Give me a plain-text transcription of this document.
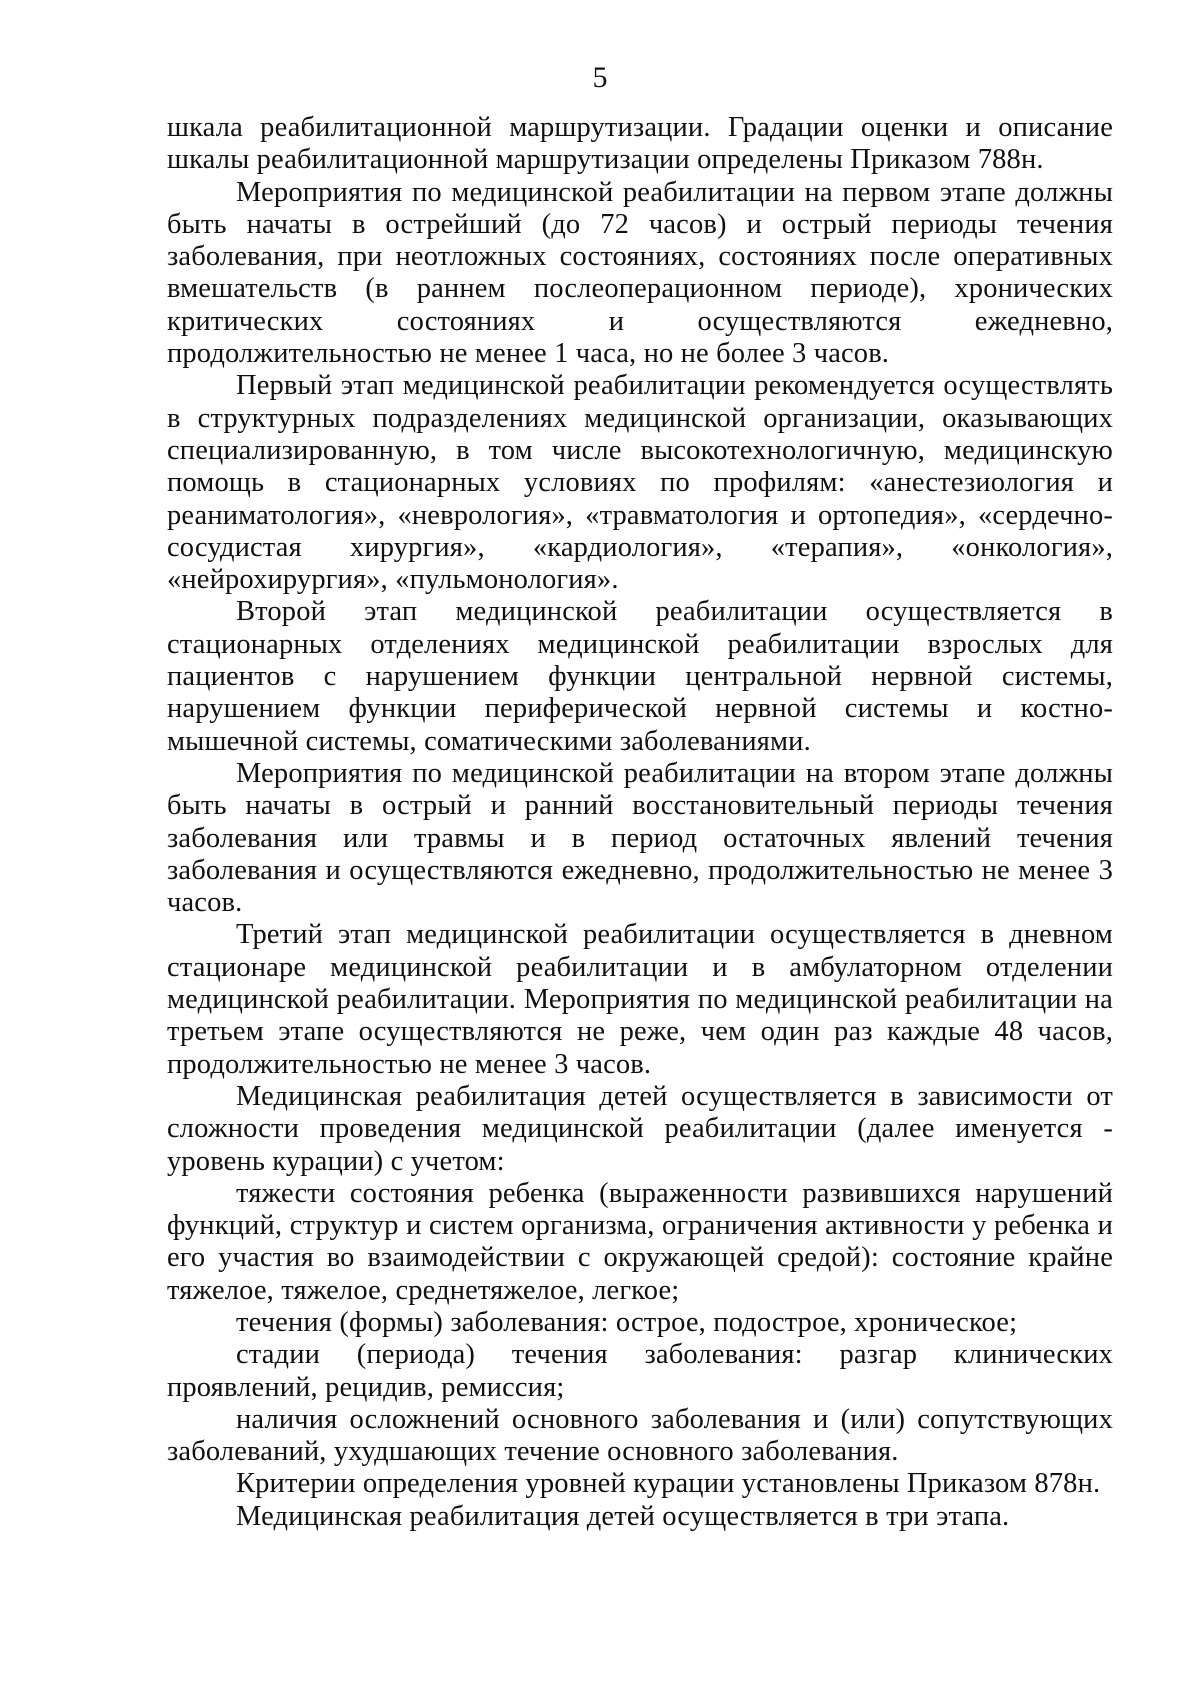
5

шкала реабилитационной маршрутизации. Градации оценки и описание шкалы реабилитационной маршрутизации определены Приказом 788н.

Мероприятия по медицинской реабилитации на первом этапе должны быть начаты в острейший (до 72 часов) и острый периоды течения заболевания, при неотложных состояниях, состояниях после оперативных вмешательств (в раннем послеоперационном периоде), хронических критических состояниях и осуществляются ежедневно, продолжительностью не менее 1 часа, но не более 3 часов.

Первый этап медицинской реабилитации рекомендуется осуществлять в структурных подразделениях медицинской организации, оказывающих специализированную, в том числе высокотехнологичную, медицинскую помощь в стационарных условиях по профилям: «анестезиология и реаниматология», «неврология», «травматология и ортопедия», «сердечно-сосудистая хирургия», «кардиология», «терапия», «онкология», «нейрохирургия», «пульмонология».

Второй этап медицинской реабилитации осуществляется в стационарных отделениях медицинской реабилитации взрослых для пациентов с нарушением функции центральной нервной системы, нарушением функции периферической нервной системы и костно-мышечной системы, соматическими заболеваниями.

Мероприятия по медицинской реабилитации на втором этапе должны быть начаты в острый и ранний восстановительный периоды течения заболевания или травмы и в период остаточных явлений течения заболевания и осуществляются ежедневно, продолжительностью не менее 3 часов.

Третий этап медицинской реабилитации осуществляется в дневном стационаре медицинской реабилитации и в амбулаторном отделении медицинской реабилитации. Мероприятия по медицинской реабилитации на третьем этапе осуществляются не реже, чем один раз каждые 48 часов, продолжительностью не менее 3 часов.

Медицинская реабилитация детей осуществляется в зависимости от сложности проведения медицинской реабилитации (далее именуется - уровень курации) с учетом:

тяжести состояния ребенка (выраженности развившихся нарушений функций, структур и систем организма, ограничения активности у ребенка и его участия во взаимодействии с окружающей средой): состояние крайне тяжелое, тяжелое, среднетяжелое, легкое;

течения (формы) заболевания: острое, подострое, хроническое;

стадии (периода) течения заболевания: разгар клинических проявлений, рецидив, ремиссия;

наличия осложнений основного заболевания и (или) сопутствующих заболеваний, ухудшающих течение основного заболевания.

Критерии определения уровней курации установлены Приказом 878н.

Медицинская реабилитация детей осуществляется в три этапа.
